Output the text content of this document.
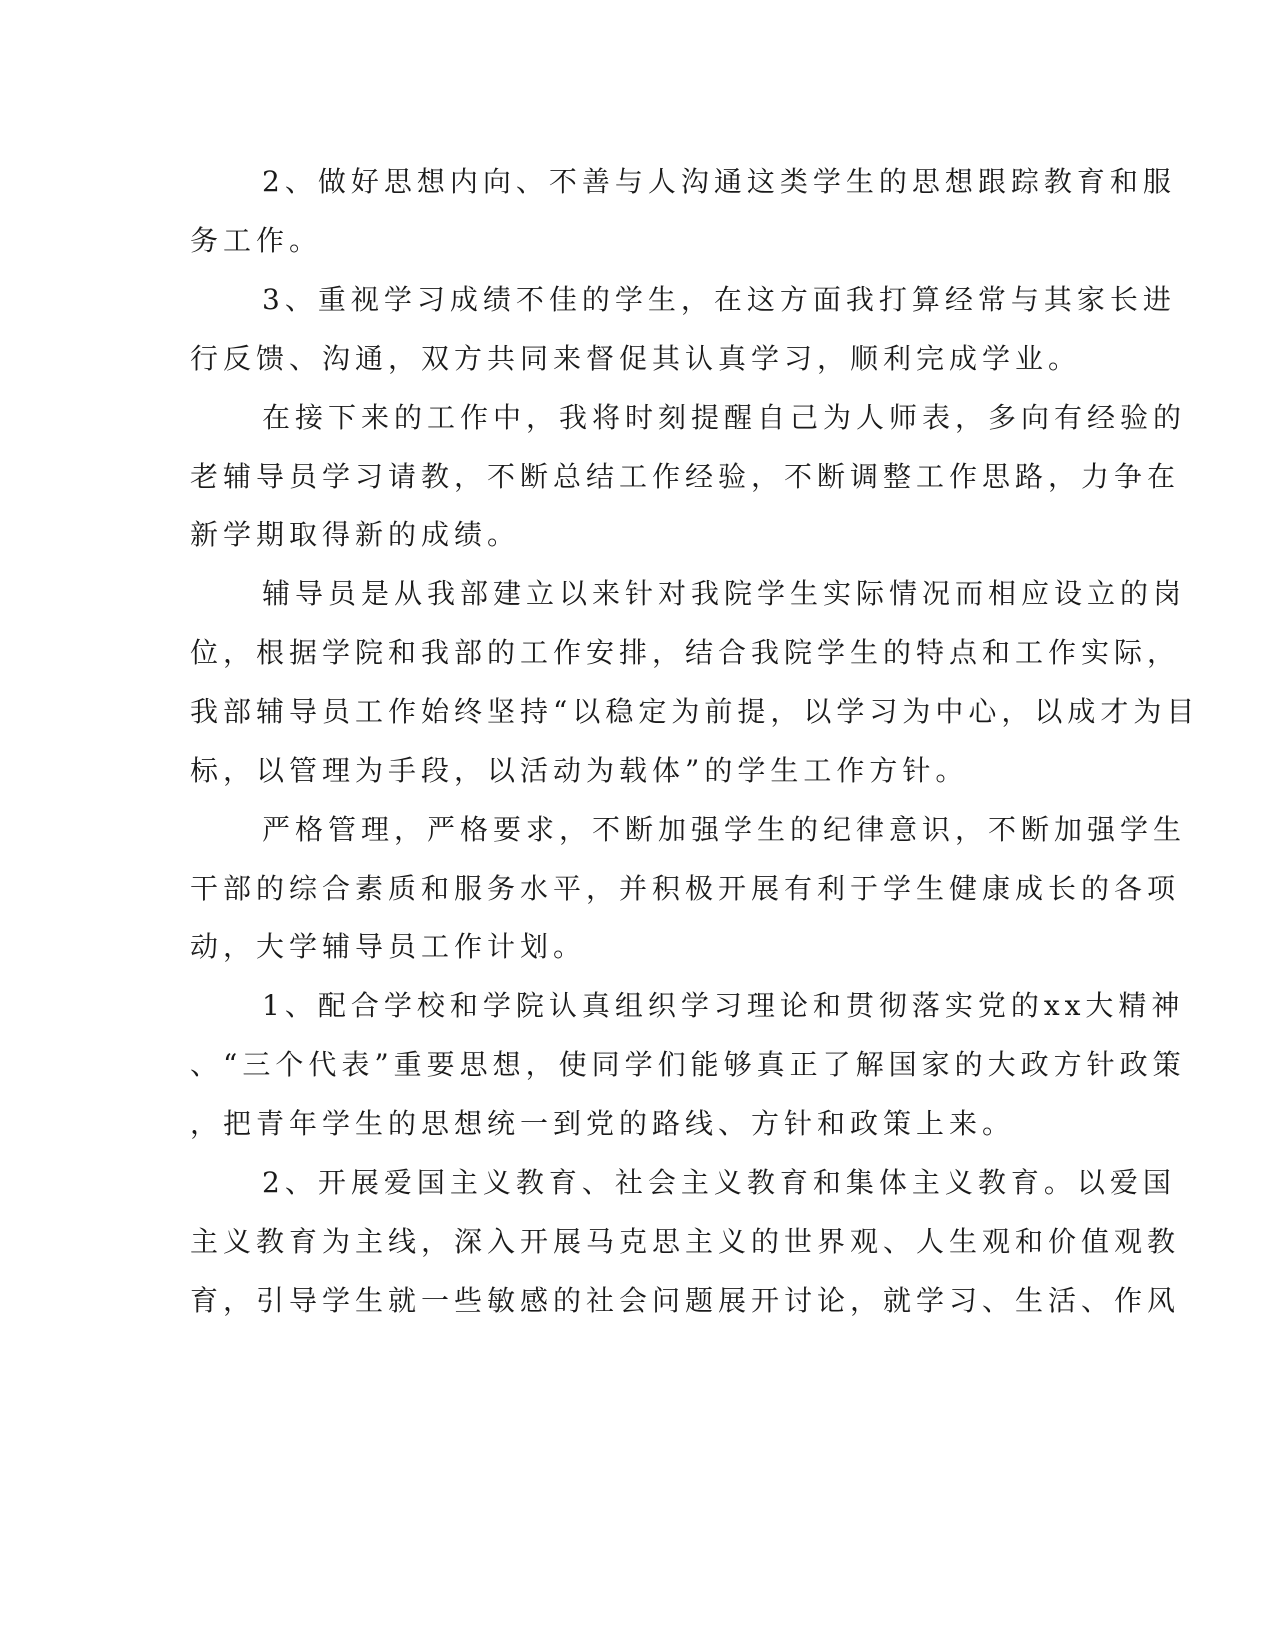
2、做好思想内向、不善与人沟通这类学生的思想跟踪教育和服
务工作。
3、重视学习成绩不佳的学生，在这方面我打算经常与其家长进
行反馈、沟通，双方共同来督促其认真学习，顺利完成学业。
在接下来的工作中，我将时刻提醒自己为人师表，多向有经验的
老辅导员学习请教，不断总结工作经验，不断调整工作思路，力争在
新学期取得新的成绩。
辅导员是从我部建立以来针对我院学生实际情况而相应设立的岗
位，根据学院和我部的工作安排，结合我院学生的特点和工作实际，
我部辅导员工作始终坚持“以稳定为前提，以学习为中心，以成才为目
标，以管理为手段，以活动为载体”的学生工作方针。
严格管理，严格要求，不断加强学生的纪律意识，不断加强学生
干部的综合素质和服务水平，并积极开展有利于学生健康成长的各项
动，大学辅导员工作计划。
1、配合学校和学院认真组织学习理论和贯彻落实党的xx大精神
、“三个代表”重要思想，使同学们能够真正了解国家的大政方针政策
，把青年学生的思想统一到党的路线、方针和政策上来。
2、开展爱国主义教育、社会主义教育和集体主义教育。以爱国
主义教育为主线，深入开展马克思主义的世界观、人生观和价值观教
育，引导学生就一些敏感的社会问题展开讨论，就学习、生活、作风
